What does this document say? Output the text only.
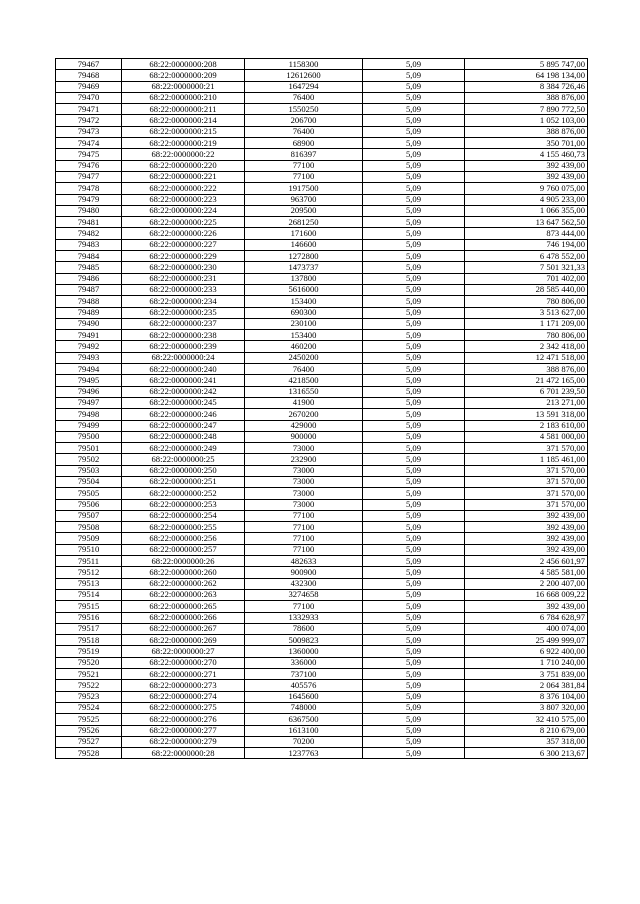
79467	68:22:0000000:208	1158300	5,09	5 895 747,00
79468	68:22:0000000:209	12612600	5,09	64 198 134,00
79469	68:22:0000000:21	1647294	5,09	8 384 726,46
79470	68:22:0000000:210	76400	5,09	388 876,00
79471	68:22:0000000:211	1550250	5,09	7 890 772,50
79472	68:22:0000000:214	206700	5,09	1 052 103,00
79473	68:22:0000000:215	76400	5,09	388 876,00
79474	68:22:0000000:219	68900	5,09	350 701,00
79475	68:22:0000000:22	816397	5,09	4 155 460,73
79476	68:22:0000000:220	77100	5,09	392 439,00
79477	68:22:0000000:221	77100	5,09	392 439,00
79478	68:22:0000000:222	1917500	5,09	9 760 075,00
79479	68:22:0000000:223	963700	5,09	4 905 233,00
79480	68:22:0000000:224	209500	5,09	1 066 355,00
79481	68:22:0000000:225	2681250	5,09	13 647 562,50
79482	68:22:0000000:226	171600	5,09	873 444,00
79483	68:22:0000000:227	146600	5,09	746 194,00
79484	68:22:0000000:229	1272800	5,09	6 478 552,00
79485	68:22:0000000:230	1473737	5,09	7 501 321,33
79486	68:22:0000000:231	137800	5,09	701 402,00
79487	68:22:0000000:233	5616000	5,09	28 585 440,00
79488	68:22:0000000:234	153400	5,09	780 806,00
79489	68:22:0000000:235	690300	5,09	3 513 627,00
79490	68:22:0000000:237	230100	5,09	1 171 209,00
79491	68:22:0000000:238	153400	5,09	780 806,00
79492	68:22:0000000:239	460200	5,09	2 342 418,00
79493	68:22:0000000:24	2450200	5,09	12 471 518,00
79494	68:22:0000000:240	76400	5,09	388 876,00
79495	68:22:0000000:241	4218500	5,09	21 472 165,00
79496	68:22:0000000:242	1316550	5,09	6 701 239,50
79497	68:22:0000000:245	41900	5,09	213 271,00
79498	68:22:0000000:246	2670200	5,09	13 591 318,00
79499	68:22:0000000:247	429000	5,09	2 183 610,00
79500	68:22:0000000:248	900000	5,09	4 581 000,00
79501	68:22:0000000:249	73000	5,09	371 570,00
79502	68:22:0000000:25	232900	5,09	1 185 461,00
79503	68:22:0000000:250	73000	5,09	371 570,00
79504	68:22:0000000:251	73000	5,09	371 570,00
79505	68:22:0000000:252	73000	5,09	371 570,00
79506	68:22:0000000:253	73000	5,09	371 570,00
79507	68:22:0000000:254	77100	5,09	392 439,00
79508	68:22:0000000:255	77100	5,09	392 439,00
79509	68:22:0000000:256	77100	5,09	392 439,00
79510	68:22:0000000:257	77100	5,09	392 439,00
79511	68:22:0000000:26	482633	5,09	2 456 601,97
79512	68:22:0000000:260	900900	5,09	4 585 581,00
79513	68:22:0000000:262	432300	5,09	2 200 407,00
79514	68:22:0000000:263	3274658	5,09	16 668 009,22
79515	68:22:0000000:265	77100	5,09	392 439,00
79516	68:22:0000000:266	1332933	5,09	6 784 628,97
79517	68:22:0000000:267	78600	5,09	400 074,00
79518	68:22:0000000:269	5009823	5,09	25 499 999,07
79519	68:22:0000000:27	1360000	5,09	6 922 400,00
79520	68:22:0000000:270	336000	5,09	1 710 240,00
79521	68:22:0000000:271	737100	5,09	3 751 839,00
79522	68:22:0000000:273	405576	5,09	2 064 381,84
79523	68:22:0000000:274	1645600	5,09	8 376 104,00
79524	68:22:0000000:275	748000	5,09	3 807 320,00
79525	68:22:0000000:276	6367500	5,09	32 410 575,00
79526	68:22:0000000:277	1613100	5,09	8 210 679,00
79527	68:22:0000000:279	70200	5,09	357 318,00
79528	68:22:0000000:28	1237763	5,09	6 300 213,67
